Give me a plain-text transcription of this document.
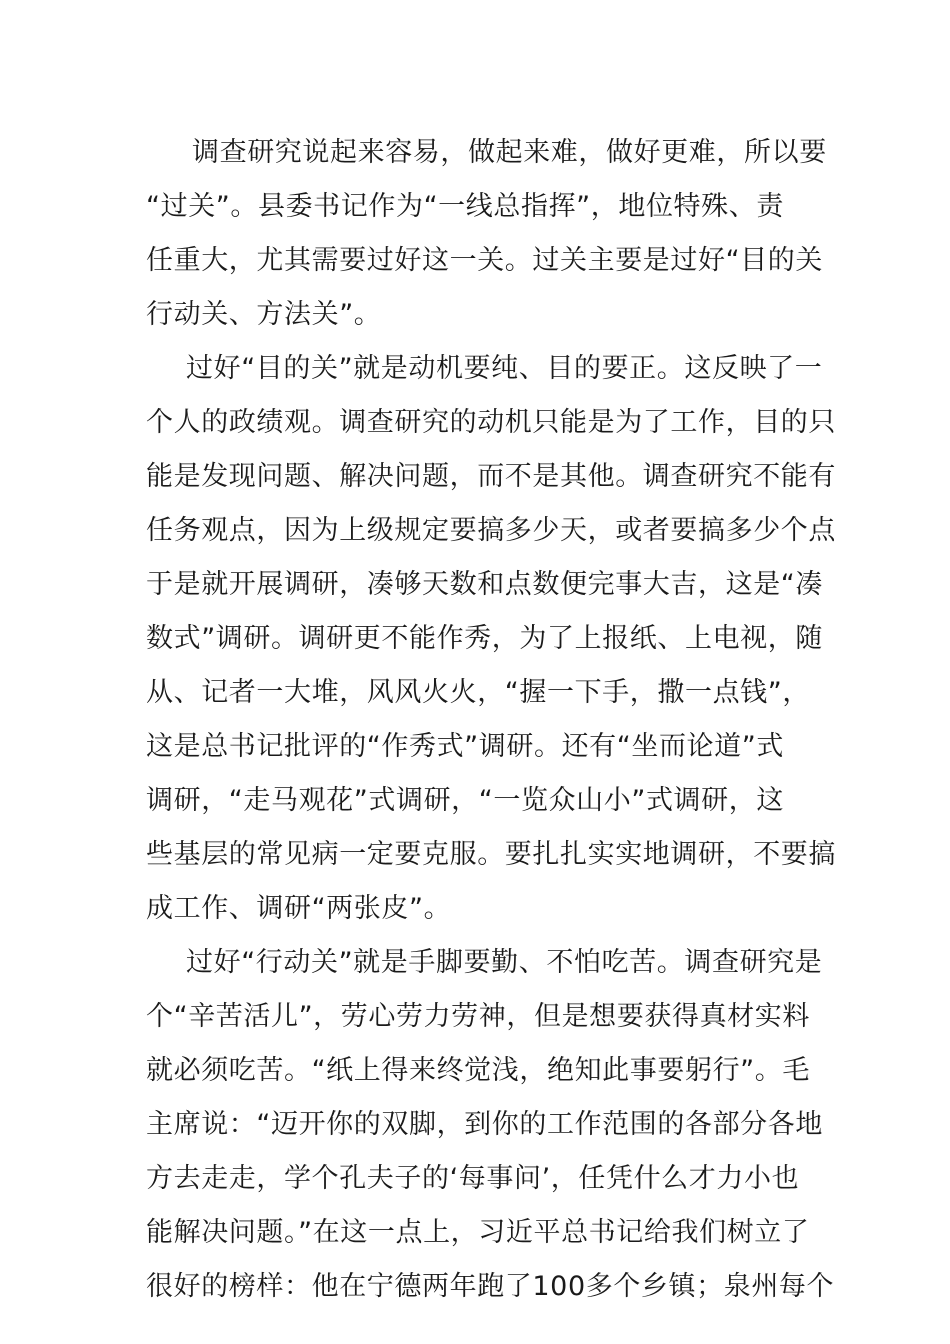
调查研究说起来容易，做起来难，做好更难，所以要
“过关”。县委书记作为“一线总指挥”，地位特殊、责
任重大，尤其需要过好这一关。过关主要是过好“目的关
行动关、方法关”。
过好“目的关”就是动机要纯、目的要正。这反映了一
个人的政绩观。调查研究的动机只能是为了工作，目的只
能是发现问题、解决问题，而不是其他。调查研究不能有
任务观点，因为上级规定要搞多少天，或者要搞多少个点
于是就开展调研，凑够天数和点数便完事大吉，这是“凑
数式”调研。调研更不能作秀，为了上报纸、上电视，随
从、记者一大堆，风风火火，“握一下手，撒一点钱”，
这是总书记批评的“作秀式”调研。还有“坐而论道”式
调研，“走马观花”式调研，“一览众山小”式调研，这
些基层的常见病一定要克服。要扎扎实实地调研，不要搞
成工作、调研“两张皮”。
过好“行动关”就是手脚要勤、不怕吃苦。调查研究是
个“辛苦活儿”，劳心劳力劳神，但是想要获得真材实料
就必须吃苦。“纸上得来终觉浅，绝知此事要躬行”。毛
主席说：“迈开你的双脚，到你的工作范围的各部分各地
方去走走，学个孔夫子的‘每事问’，任凭什么才力小也
能解决问题。”在这一点上，习近平总书记给我们树立了
很好的榜样：他在宁德两年跑了100多个乡镇；泉州每个
